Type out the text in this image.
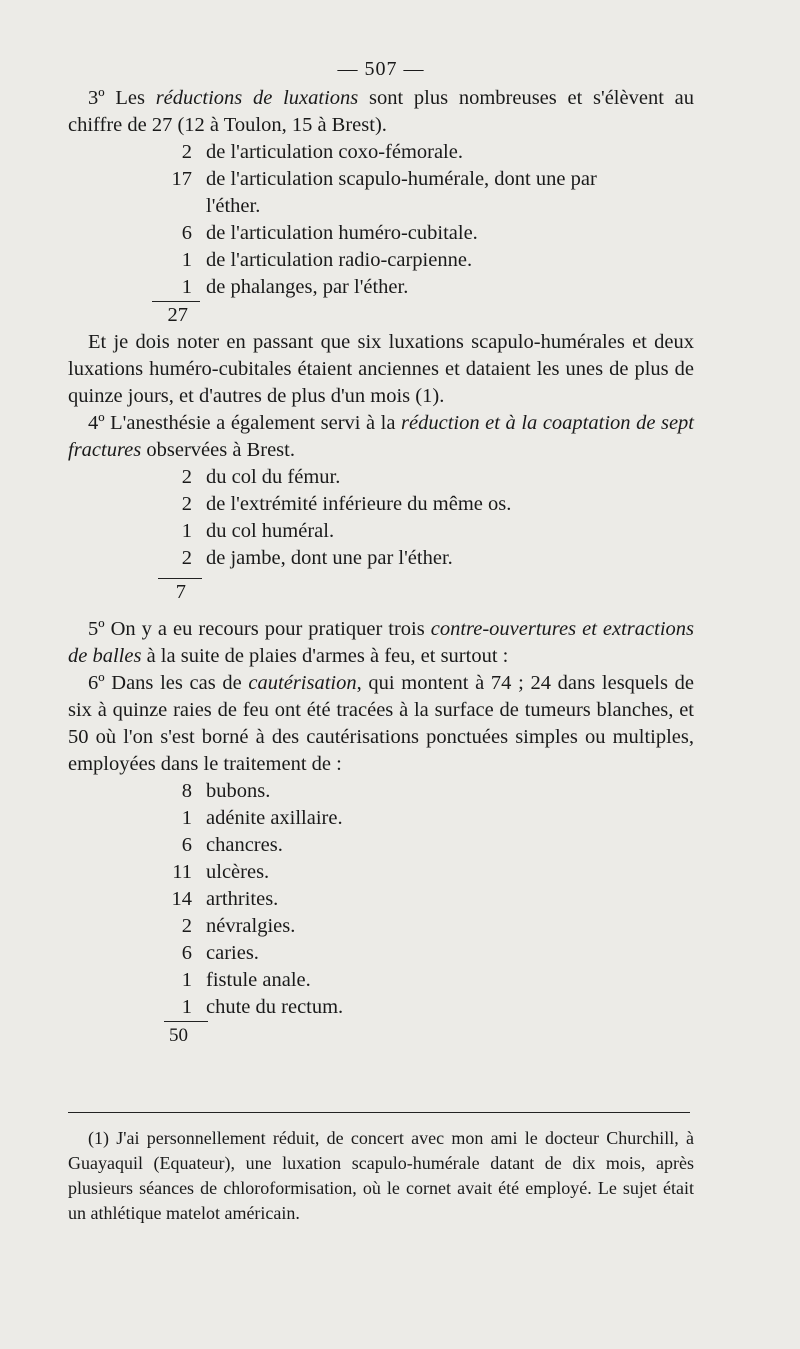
— 507 —

3º Les réductions de luxations sont plus nombreuses et s'élèvent au chiffre de 27 (12 à Toulon, 15 à Brest).

2 de l'articulation coxo-fémorale.
17 de l'articulation scapulo-humérale, dont une par
l'éther.
6 de l'articulation huméro-cubitale.
1 de l'articulation radio-carpienne.
1 de phalanges, par l'éther.
27

Et je dois noter en passant que six luxations scapulo-humérales et deux luxations huméro-cubitales étaient anciennes et dataient les unes de plus de quinze jours, et d'autres de plus d'un mois (1).

4º L'anesthésie a également servi à la réduction et à la coaptation de sept fractures observées à Brest.

2 du col du fémur.
2 de l'extrémité inférieure du même os.
1 du col huméral.
2 de jambe, dont une par l'éther.
7

5º On y a eu recours pour pratiquer trois contre-ouvertures et extractions de balles à la suite de plaies d'armes à feu, et surtout :

6º Dans les cas de cautérisation, qui montent à 74 ; 24 dans lesquels de six à quinze raies de feu ont été tracées à la surface de tumeurs blanches, et 50 où l'on s'est borné à des cautérisations ponctuées simples ou multiples, employées dans le traitement de :

8 bubons.
1 adénite axillaire.
6 chancres.
11 ulcères.
14 arthrites.
2 névralgies.
6 caries.
1 fistule anale.
1 chute du rectum.
50

(1) J'ai personnellement réduit, de concert avec mon ami le docteur Churchill, à Guayaquil (Equateur), une luxation scapulo-humérale datant de dix mois, après plusieurs séances de chloroformisation, où le cornet avait été employé. Le sujet était un athlétique matelot américain.
